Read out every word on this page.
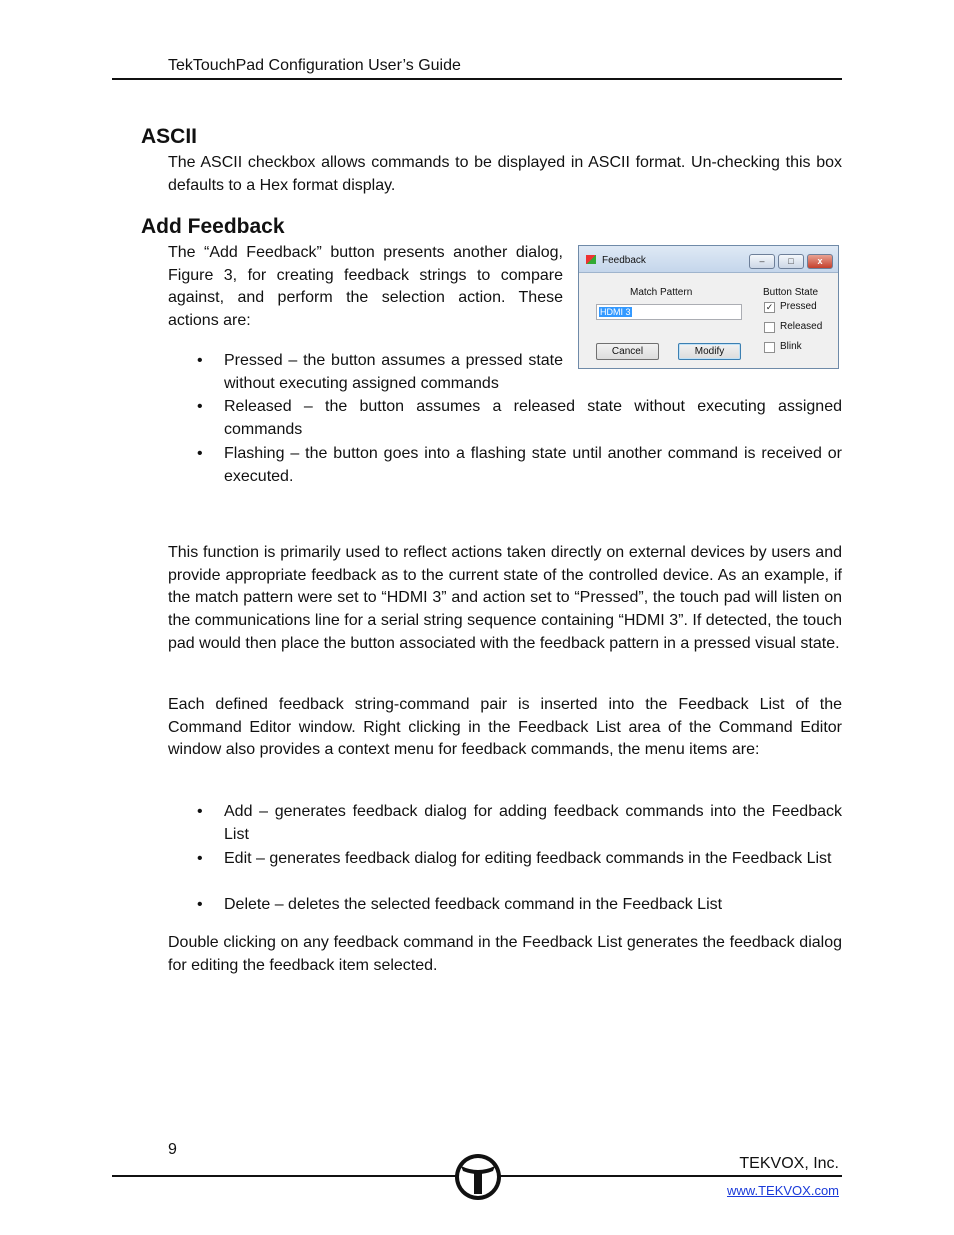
TekTouchPad Configuration User’s Guide
ASCII

The ASCII checkbox allows commands to be displayed in ASCII format. Un-checking this box defaults to a Hex format display.

Add Feedback

The “Add Feedback” button presents another dialog, Figure 3, for creating feedback strings to compare against, and perform the selection action. These actions are:

Feedback	–	□	x
Match Pattern
HDMI 3
Button State
✓ Pressed
Released
Blink
Cancel	Modify
• Pressed – the button assumes a pressed state without executing assigned commands

• Released – the button assumes a released state without executing assigned commands

• Flashing – the button goes into a flashing state until another command is received or executed.

This function is primarily used to reflect actions taken directly on external devices by users and provide appropriate feedback as to the current state of the controlled device. As an example, if the match pattern were set to “HDMI 3” and action set to “Pressed”, the touch pad will listen on the communications line for a serial string sequence containing “HDMI 3”. If detected, the touch pad would then place the button associated with the feedback pattern in a pressed visual state.

Each defined feedback string-command pair is inserted into the Feedback List of the Command Editor window. Right clicking in the Feedback List area of the Command Editor window also provides a context menu for feedback commands, the menu items are:

• Add – generates feedback dialog for adding feedback commands into the Feedback List

• Edit – generates feedback dialog for editing feedback commands in the Feedback List

• Delete – deletes the selected feedback command in the Feedback List

Double clicking on any feedback command in the Feedback List generates the feedback dialog for editing the feedback item selected.

9
TEKVOX, Inc.
www.TEKVOX.com
